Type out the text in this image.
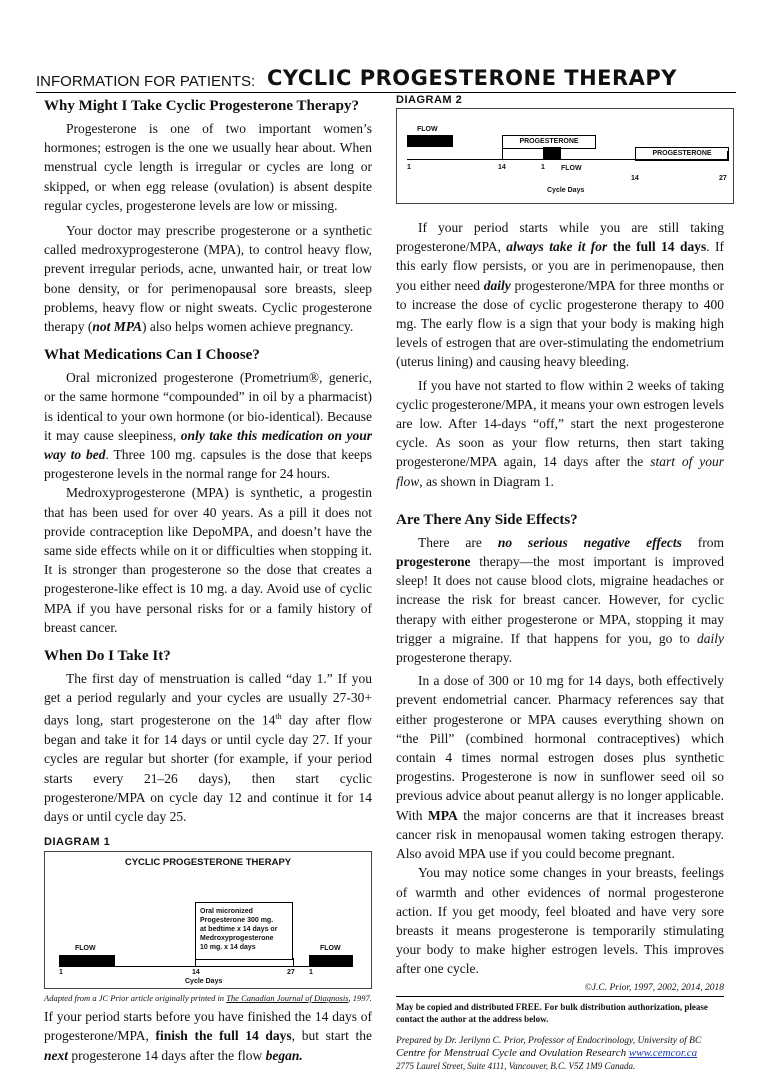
INFORMATION FOR PATIENTS: CYCLIC PROGESTERONE THERAPY
Why Might I Take Cyclic Progesterone Therapy?

Progesterone is one of two important women’s hormones; estrogen is the one we usually hear about. When menstrual cycle length is irregular or cycles are long or skipped, or when egg release (ovulation) is absent despite regular cycles, progesterone levels are low or missing.

Your doctor may prescribe progesterone or a synthetic called medroxyprogesterone (MPA), to control heavy flow, prevent irregular periods, acne, unwanted hair, or treat low bone density, or for perimenopausal sore breasts, sleep problems, heavy flow or night sweats. Cyclic progesterone therapy (not MPA) also helps women achieve pregnancy.

What Medications Can I Choose?

Oral micronized progesterone (Prometrium®, generic, or the same hormone “compounded” in oil by a pharmacist) is identical to your own hormone (or bio-identical). Because it may cause sleepiness, only take this medication on your way to bed. Three 100 mg. capsules is the dose that keeps progesterone levels in the normal range for 24 hours.

Medroxyprogesterone (MPA) is synthetic, a progestin that has been used for over 40 years. As a pill it does not provide contraception like DepoMPA, and doesn’t have the same side effects while on it or difficulties when stopping it. It is stronger than progesterone so the dose that creates a progesterone-like effect is 10 mg. a day. Avoid use of cyclic MPA if you have personal risks for or a family history of breast cancer.

When Do I Take It?

The first day of menstruation is called “day 1.” If you get a period regularly and your cycles are usually 27-30+ days long, start progesterone on the 14th day after flow began and take it for 14 days or until cycle day 27. If your cycles are regular but shorter (for example, if your period starts every 21–26 days), then start cyclic progesterone/MPA on cycle day 12 and continue it for 14 days or until cycle day 25.

DIAGRAM 1
CYCLIC PROGESTERONE THERAPY
Oral micronized
Progesterone 300 mg.
at bedtime x 14 days or
Medroxyprogesterone
10 mg. x 14 days
FLOW	FLOW
1	14	27 1
Cycle Days
Adapted from a JC Prior article originally printed in The Canadian Journal of Diagnosis, 1997.

If your period starts before you have finished the 14 days of progesterone/MPA, finish the full 14 days, but start the next progesterone 14 days after the flow began.

DIAGRAM 2
FLOW
PROGESTERONE
FLOW
PROGESTERONE
1	14	1
14	27
Cycle Days

If your period starts while you are still taking progesterone/MPA, always take it for the full 14 days. If this early flow persists, or you are in perimenopause, then you either need daily progesterone/MPA for three months or to increase the dose of cyclic progesterone therapy to 400 mg. The early flow is a sign that your body is making high levels of estrogen that are over-stimulating the endometrium (uterus lining) and causing heavy bleeding.

If you have not started to flow within 2 weeks of taking cyclic progesterone/MPA, it means your own estrogen levels are low. After 14-days “off,” start the next progesterone cycle. As soon as your flow returns, then start taking progesterone/MPA again, 14 days after the start of your flow, as shown in Diagram 1.

Are There Any Side Effects?

There are no serious negative effects from progesterone therapy—the most important is improved sleep! It does not cause blood clots, migraine headaches or increase the risk for breast cancer. However, for cyclic therapy with either progesterone or MPA, stopping it may trigger a migraine. If that happens for you, go to daily progesterone therapy.

In a dose of 300 or 10 mg for 14 days, both effectively prevent endometrial cancer. Pharmacy references say that either progesterone or MPA causes everything shown on “the Pill” (combined hormonal contraceptives) which contain 4 times normal estrogen doses plus synthetic progestins. Progesterone is now in sunflower seed oil so previous advice about peanut allergy is no longer applicable. With MPA the major concerns are that it increases breast cancer risk in menopausal women taking estrogen therapy. Also avoid MPA use if you could become pregnant.

You may notice some changes in your breasts, feelings of warmth and other evidences of normal progesterone action. If you get moody, feel bloated and have very sore breasts it means progesterone is temporarily stimulating your body to make higher estrogen levels. This improves after one cycle.

©J.C. Prior, 1997, 2002, 2014, 2018
May be copied and distributed FREE. For bulk distribution authorization, please contact the author at the address below.
Prepared by Dr. Jerilynn C. Prior, Professor of Endocrinology, University of BC
Centre for Menstrual Cycle and Ovulation Research www.cemcor.ca
2775 Laurel Street, Suite 4111, Vancouver, B.C. V5Z 1M9 Canada.
